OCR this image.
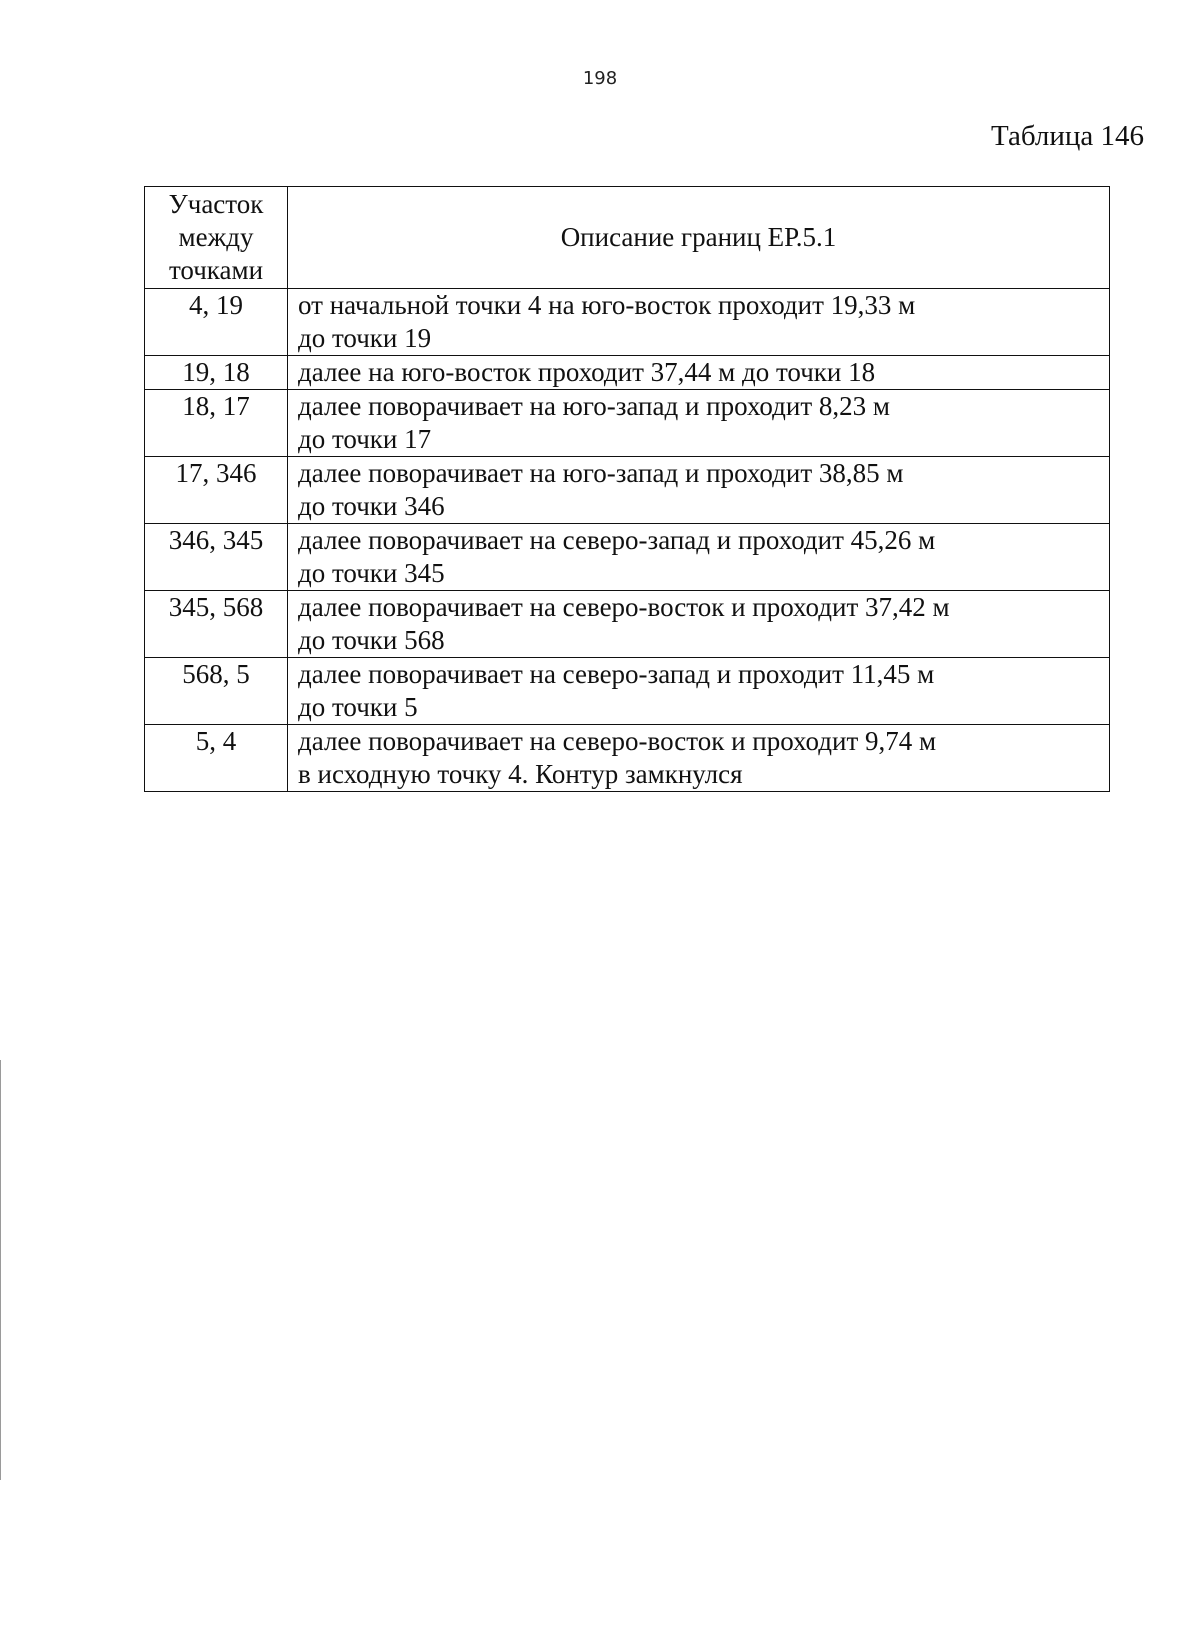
198
Таблица 146
Участок между точками	Описание границ ЕР.5.1
4, 19	от начальной точки 4 на юго-восток проходит 19,33 м
до точки 19

19, 18	далее на юго-восток проходит 37,44 м до точки 18

18, 17	далее поворачивает на юго-запад и проходит 8,23 м
до точки 17

17, 346	далее поворачивает на юго-запад и проходит 38,85 м
до точки 346

346, 345	далее поворачивает на северо-запад и проходит 45,26 м
до точки 345

345, 568	далее поворачивает на северо-восток и проходит 37,42 м
до точки 568

568, 5	далее поворачивает на северо-запад и проходит 11,45 м
до точки 5

5, 4	далее поворачивает на северо-восток и проходит 9,74 м
в исходную точку 4. Контур замкнулся
